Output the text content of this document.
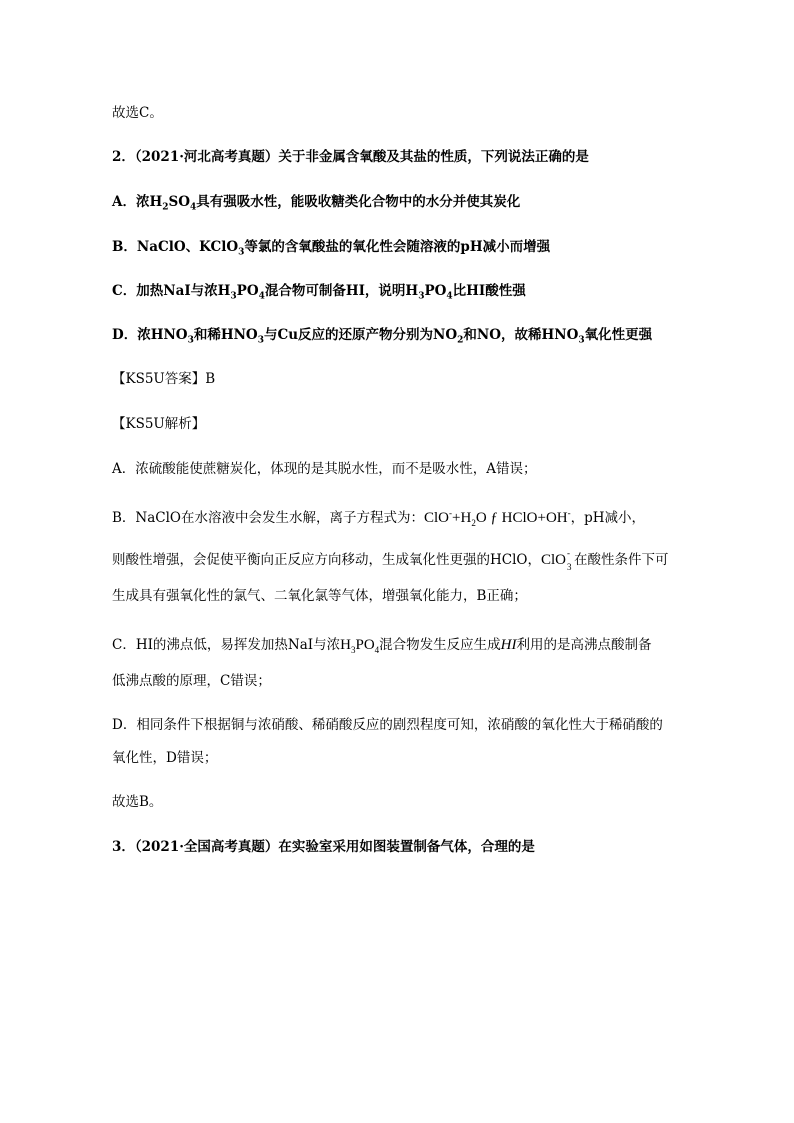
故选C。
2．（2021·河北高考真题）关于非金属含氧酸及其盐的性质，下列说法正确的是
A．浓$H_2SO_4$具有强吸水性，能吸收糖类化合物中的水分并使其炭化
B．NaClO、KClO$_3$等氯的含氧酸盐的氧化性会随溶液的pH减小而增强
C．加热NaI与浓$H_3PO_4$混合物可制备HI，说明$H_3PO_4$比HI酸性强
D．浓$HNO_3$和稀$HNO_3$与Cu反应的还原产物分别为$NO_2$和NO，故稀$HNO_3$氧化性更强
【KS5U答案】B
【KS5U解析】
A．浓硫酸能使蔗糖炭化，体现的是其脱水性，而不是吸水性，A错误；
B．NaClO在水溶液中会发生水解，离子方程式为：$ClO^-+H_2O$ ƒ HClO+OH-，pH减小，
则酸性增强，会促使平衡向正反应方向移动，生成氧化性更强的HClO，ClO -
3 在酸性条件下可
生成具有强氧化性的氯气、二氧化氯等气体，增强氧化能力，B正确；
C．HI的沸点低，易挥发加热NaI与浓$H_3PO_4$混合物发生反应生成HI利用的是高沸点酸制备
低沸点酸的原理，C错误；
D．相同条件下根据铜与浓硝酸、稀硝酸反应的剧烈程度可知，浓硝酸的氧化性大于稀硝酸的
氧化性，D错误；
故选B。
3．（2021·全国高考真题）在实验室采用如图装置制备气体，合理的是
